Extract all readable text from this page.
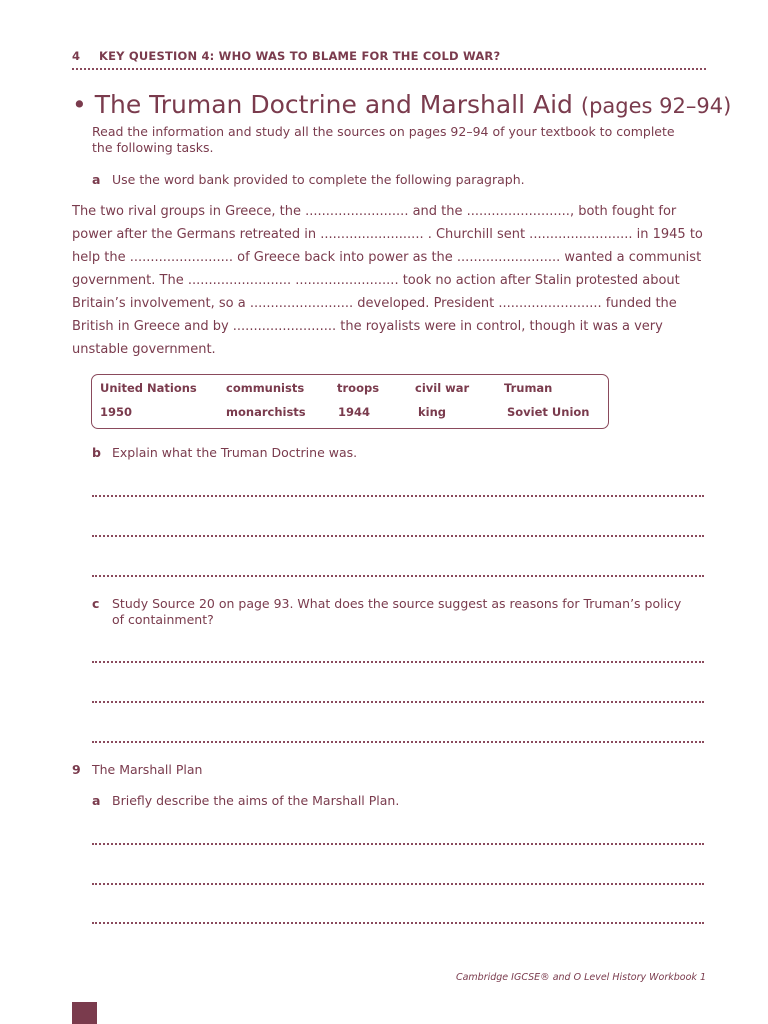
4 KEY QUESTION 4: WHO WAS TO BLAME FOR THE COLD WAR?
• The Truman Doctrine and Marshall Aid (pages 92–94)
Read the information and study all the sources on pages 92–94 of your textbook to complete the following tasks.
a Use the word bank provided to complete the following paragraph.
The two rival groups in Greece, the ......................... and the ........................., both fought for power after the Germans retreated in ......................... . Churchill sent ......................... in 1945 to help the ......................... of Greece back into power as the ......................... wanted a communist government. The ......................... ......................... took no action after Stalin protested about Britain’s involvement, so a ......................... developed. President ......................... funded the British in Greece and by ......................... the royalists were in control, though it was a very unstable government.
United Nations	communists	troops	civil war	Truman
1950	monarchists	1944	king	Soviet Union
b Explain what the Truman Doctrine was.
c Study Source 20 on page 93. What does the source suggest as reasons for Truman’s policy of containment?
9 The Marshall Plan
a Briefly describe the aims of the Marshall Plan.
Cambridge IGCSE® and O Level History Workbook 1
